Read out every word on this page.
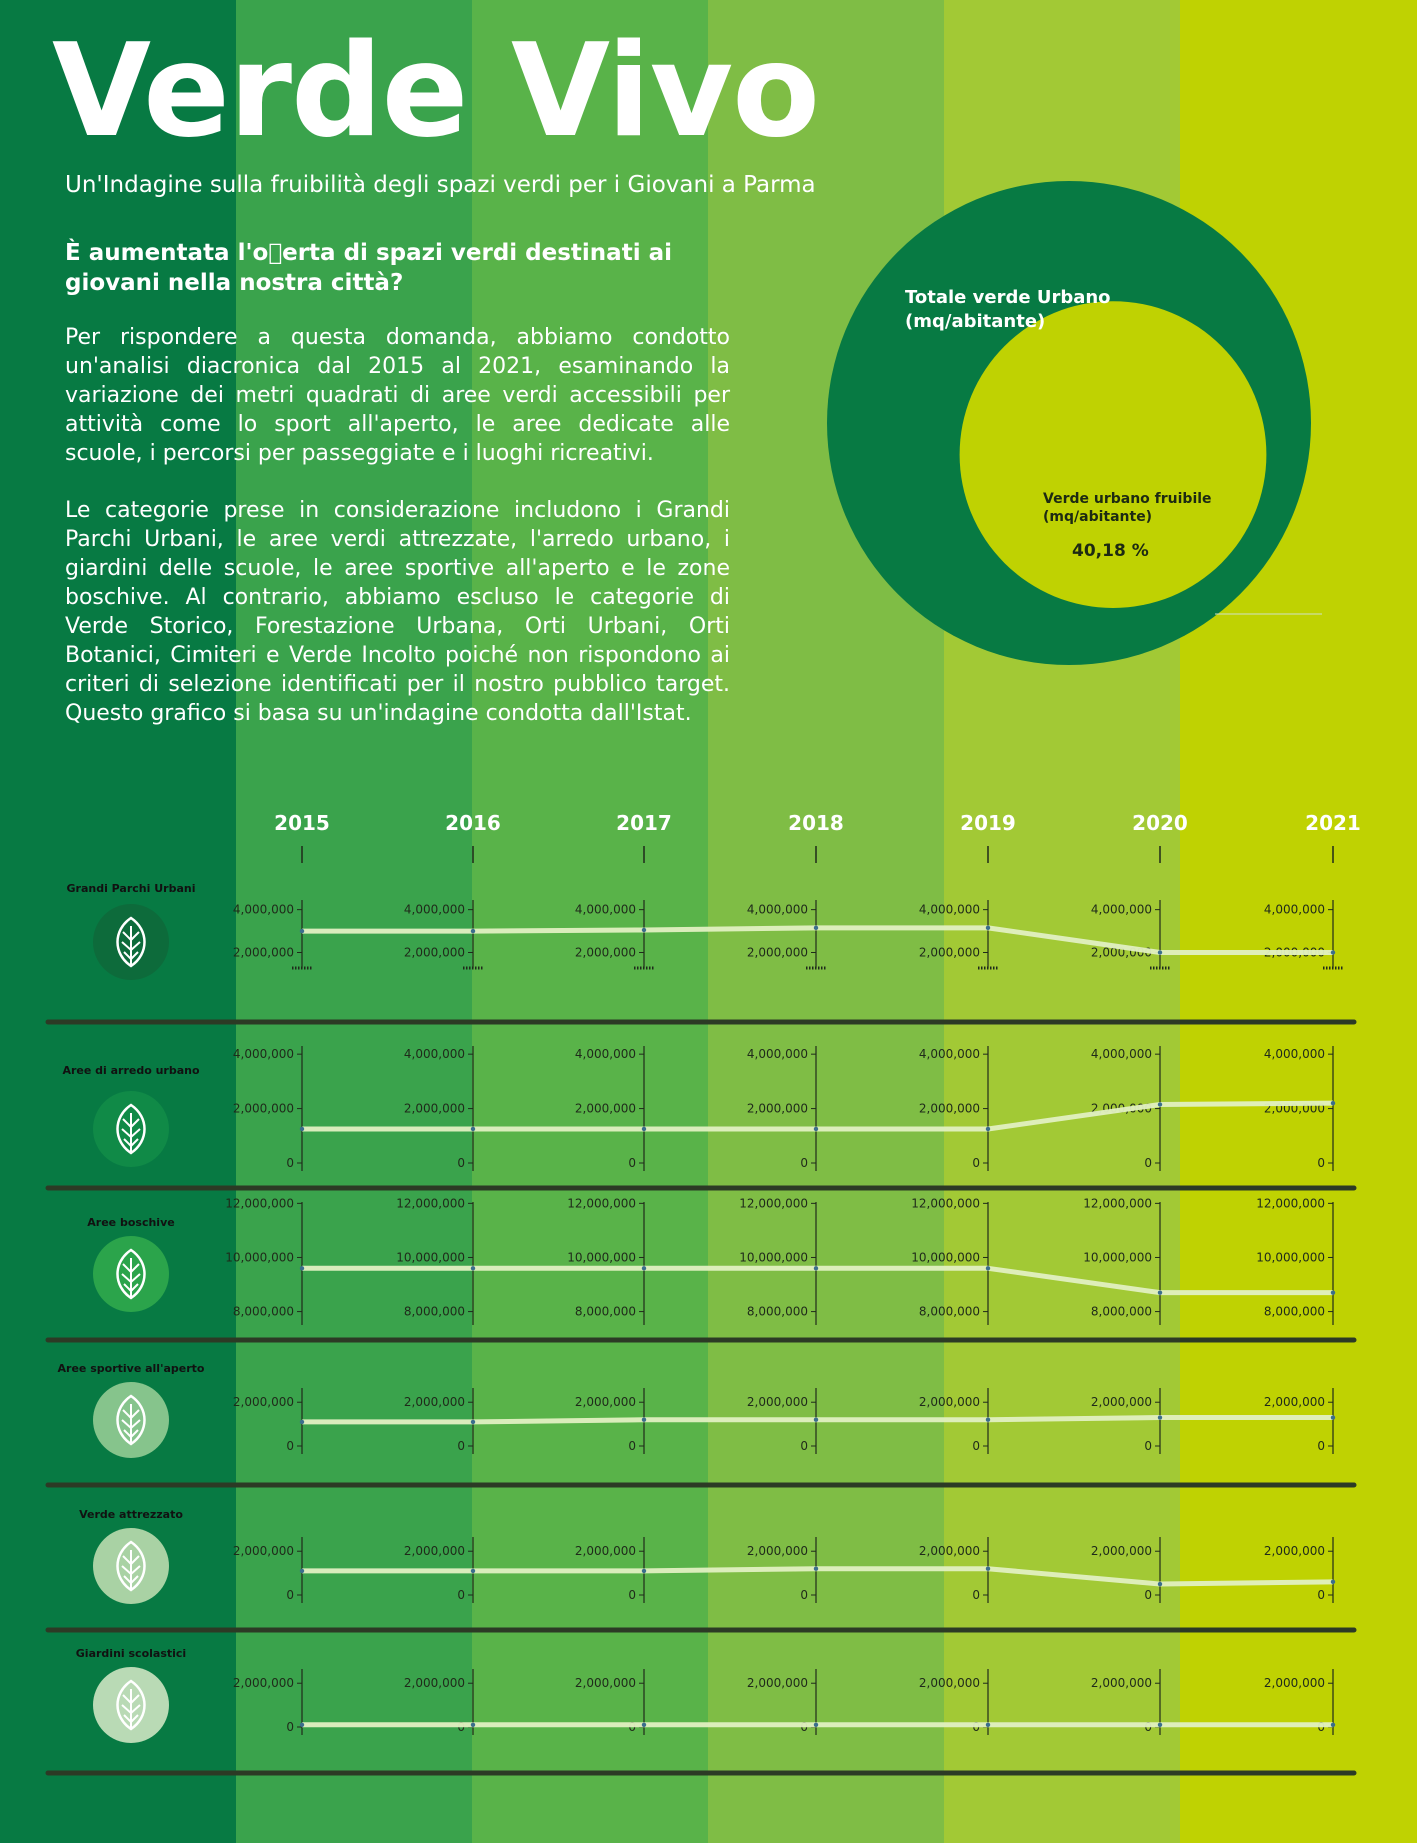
Verde Vivo
Un'Indagine sulla fruibilità degli spazi verdi per i Giovani a Parma
È aumentata l'o￿erta di spazi verdi destinati ai giovani nella nostra città?
Per rispondere a questa domanda, abbiamo condotto un'analisi diacronica dal 2015 al 2021, esaminando la variazione dei metri quadrati di aree verdi accessibili per attività come lo sport all'aperto, le aree dedicate alle scuole, i percorsi per passeggiate e i luoghi ricreativi.
Le categorie prese in considerazione includono i Grandi Parchi Urbani, le aree verdi attrezzate, l'arredo urbano, i giardini delle scuole, le aree sportive all'aperto e le zone boschive. Al contrario, abbiamo escluso le categorie di Verde Storico, Forestazione Urbana, Orti Urbani, Orti Botanici, Cimiteri e Verde Incolto poiché non rispondono ai criteri di selezione identificati per il nostro pubblico target. Questo grafico si basa su un'indagine condotta dall'Istat.
Totale verde Urbano
(mq/abitante)
Verde urbano fruibile
(mq/abitante)
40,18 %
2015	2016	2017	2018	2019	2020	2021
2,000,000
4,000,000
2,000,000
4,000,000
2,000,000
4,000,000
2,000,000
4,000,000
2,000,000
4,000,000
2,000,000
4,000,000
2,000,000
4,000,000
Grandi Parchi Urbani
0
2,000,000
4,000,000
0
2,000,000
4,000,000
0
2,000,000
4,000,000
0
2,000,000
4,000,000
0
2,000,000
4,000,000
0
2,000,000
4,000,000
0
2,000,000
4,000,000
Aree di arredo urbano
8,000,000
10,000,000
12,000,000
8,000,000
10,000,000
12,000,000
8,000,000
10,000,000
12,000,000
8,000,000
10,000,000
12,000,000
8,000,000
10,000,000
12,000,000
8,000,000
10,000,000
12,000,000
8,000,000
10,000,000
12,000,000
Aree boschive
0
2,000,000
0
2,000,000
0
2,000,000
0
2,000,000
0
2,000,000
0
2,000,000
0
2,000,000
Aree sportive all'aperto
0
2,000,000
0
2,000,000
0
2,000,000
0
2,000,000
0
2,000,000
0
2,000,000
0
2,000,000
Verde attrezzato
0
2,000,000
0
2,000,000
0
2,000,000
0
2,000,000
0
2,000,000
0
2,000,000
0
2,000,000
Giardini scolastici
